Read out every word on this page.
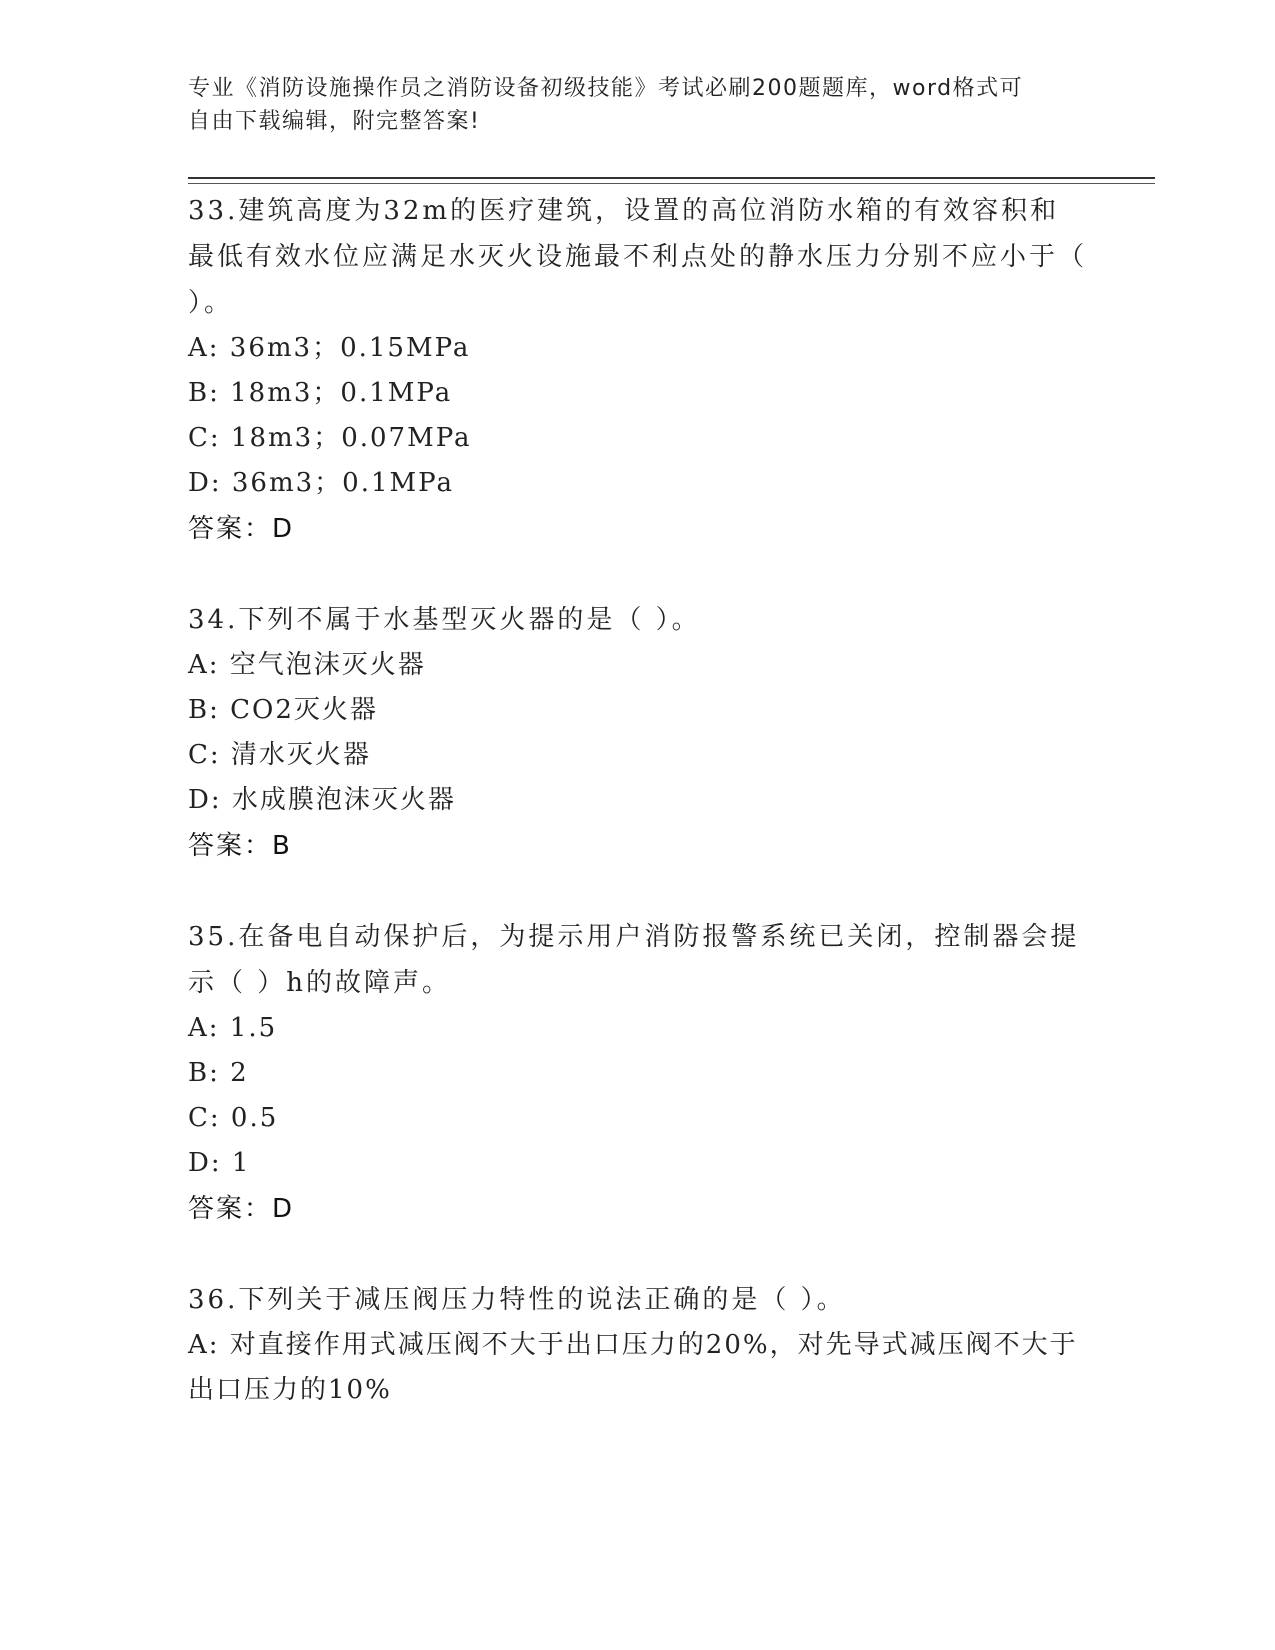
专业《消防设施操作员之消防设备初级技能》考试必刷200题题库，word格式可
自由下载编辑，附完整答案!
33.建筑高度为32m的医疗建筑，设置的高位消防水箱的有效容积和最低有效水位应满足水灭火设施最不利点处的静水压力分别不应小于（ ）。
A: 36m3；0.15MPa
B: 18m3；0.1MPa
C: 18m3；0.07MPa
D: 36m3；0.1MPa
答案：D
34.下列不属于水基型灭火器的是（ ）。
A: 空气泡沫灭火器
B: CO2灭火器
C: 清水灭火器
D: 水成膜泡沫灭火器
答案：B
35.在备电自动保护后，为提示用户消防报警系统已关闭，控制器会提示（ ）h的故障声。
A: 1.5
B: 2
C: 0.5
D: 1
答案：D
36.下列关于减压阀压力特性的说法正确的是（ ）。
A: 对直接作用式减压阀不大于出口压力的20%，对先导式减压阀不大于出口压力的10%
